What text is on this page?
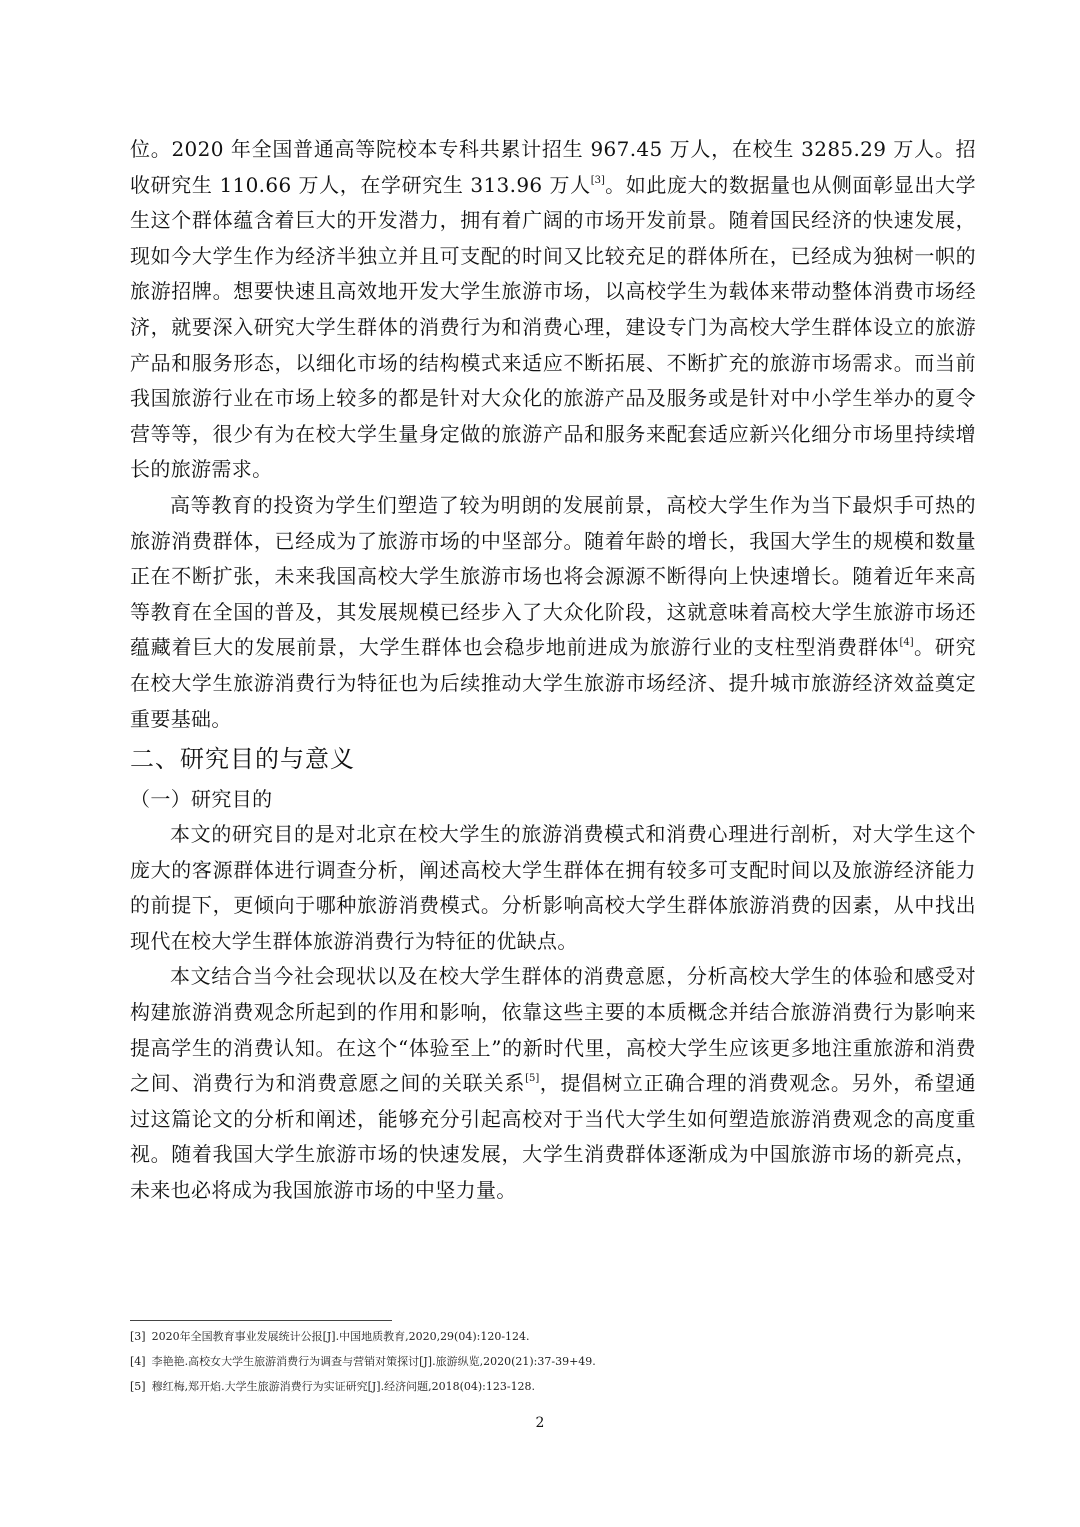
位。2020 年全国普通高等院校本专科共累计招生 967.45 万人，在校生 3285.29 万人。招收研究生 110.66 万人，在学研究生 313.96 万人[3]。如此庞大的数据量也从侧面彰显出大学生这个群体蕴含着巨大的开发潜力，拥有着广阔的市场开发前景。随着国民经济的快速发展，现如今大学生作为经济半独立并且可支配的时间又比较充足的群体所在，已经成为独树一帜的旅游招牌。想要快速且高效地开发大学生旅游市场，以高校学生为载体来带动整体消费市场经济，就要深入研究大学生群体的消费行为和消费心理，建设专门为高校大学生群体设立的旅游产品和服务形态，以细化市场的结构模式来适应不断拓展、不断扩充的旅游市场需求。而当前我国旅游行业在市场上较多的都是针对大众化的旅游产品及服务或是针对中小学生举办的夏令营等等，很少有为在校大学生量身定做的旅游产品和服务来配套适应新兴化细分市场里持续增长的旅游需求。

高等教育的投资为学生们塑造了较为明朗的发展前景，高校大学生作为当下最炽手可热的旅游消费群体，已经成为了旅游市场的中坚部分。随着年龄的增长，我国大学生的规模和数量正在不断扩张，未来我国高校大学生旅游市场也将会源源不断得向上快速增长。随着近年来高等教育在全国的普及，其发展规模已经步入了大众化阶段，这就意味着高校大学生旅游市场还蕴藏着巨大的发展前景，大学生群体也会稳步地前进成为旅游行业的支柱型消费群体[4]。研究在校大学生旅游消费行为特征也为后续推动大学生旅游市场经济、提升城市旅游经济效益奠定重要基础。

二、研究目的与意义

（一）研究目的

本文的研究目的是对北京在校大学生的旅游消费模式和消费心理进行剖析，对大学生这个庞大的客源群体进行调查分析，阐述高校大学生群体在拥有较多可支配时间以及旅游经济能力的前提下，更倾向于哪种旅游消费模式。分析影响高校大学生群体旅游消费的因素，从中找出现代在校大学生群体旅游消费行为特征的优缺点。

本文结合当今社会现状以及在校大学生群体的消费意愿，分析高校大学生的体验和感受对构建旅游消费观念所起到的作用和影响，依靠这些主要的本质概念并结合旅游消费行为影响来提高学生的消费认知。在这个“体验至上”的新时代里，高校大学生应该更多地注重旅游和消费之间、消费行为和消费意愿之间的关联关系[5]，提倡树立正确合理的消费观念。另外，希望通过这篇论文的分析和阐述，能够充分引起高校对于当代大学生如何塑造旅游消费观念的高度重视。随着我国大学生旅游市场的快速发展，大学生消费群体逐渐成为中国旅游市场的新亮点，未来也必将成为我国旅游市场的中坚力量。

[3] 2020年全国教育事业发展统计公报[J].中国地质教育,2020,29(04):120-124.
[4] 李艳艳.高校女大学生旅游消费行为调查与营销对策探讨[J].旅游纵览,2020(21):37-39+49.
[5] 穆红梅,郑开焰.大学生旅游消费行为实证研究[J].经济问题,2018(04):123-128.
2
